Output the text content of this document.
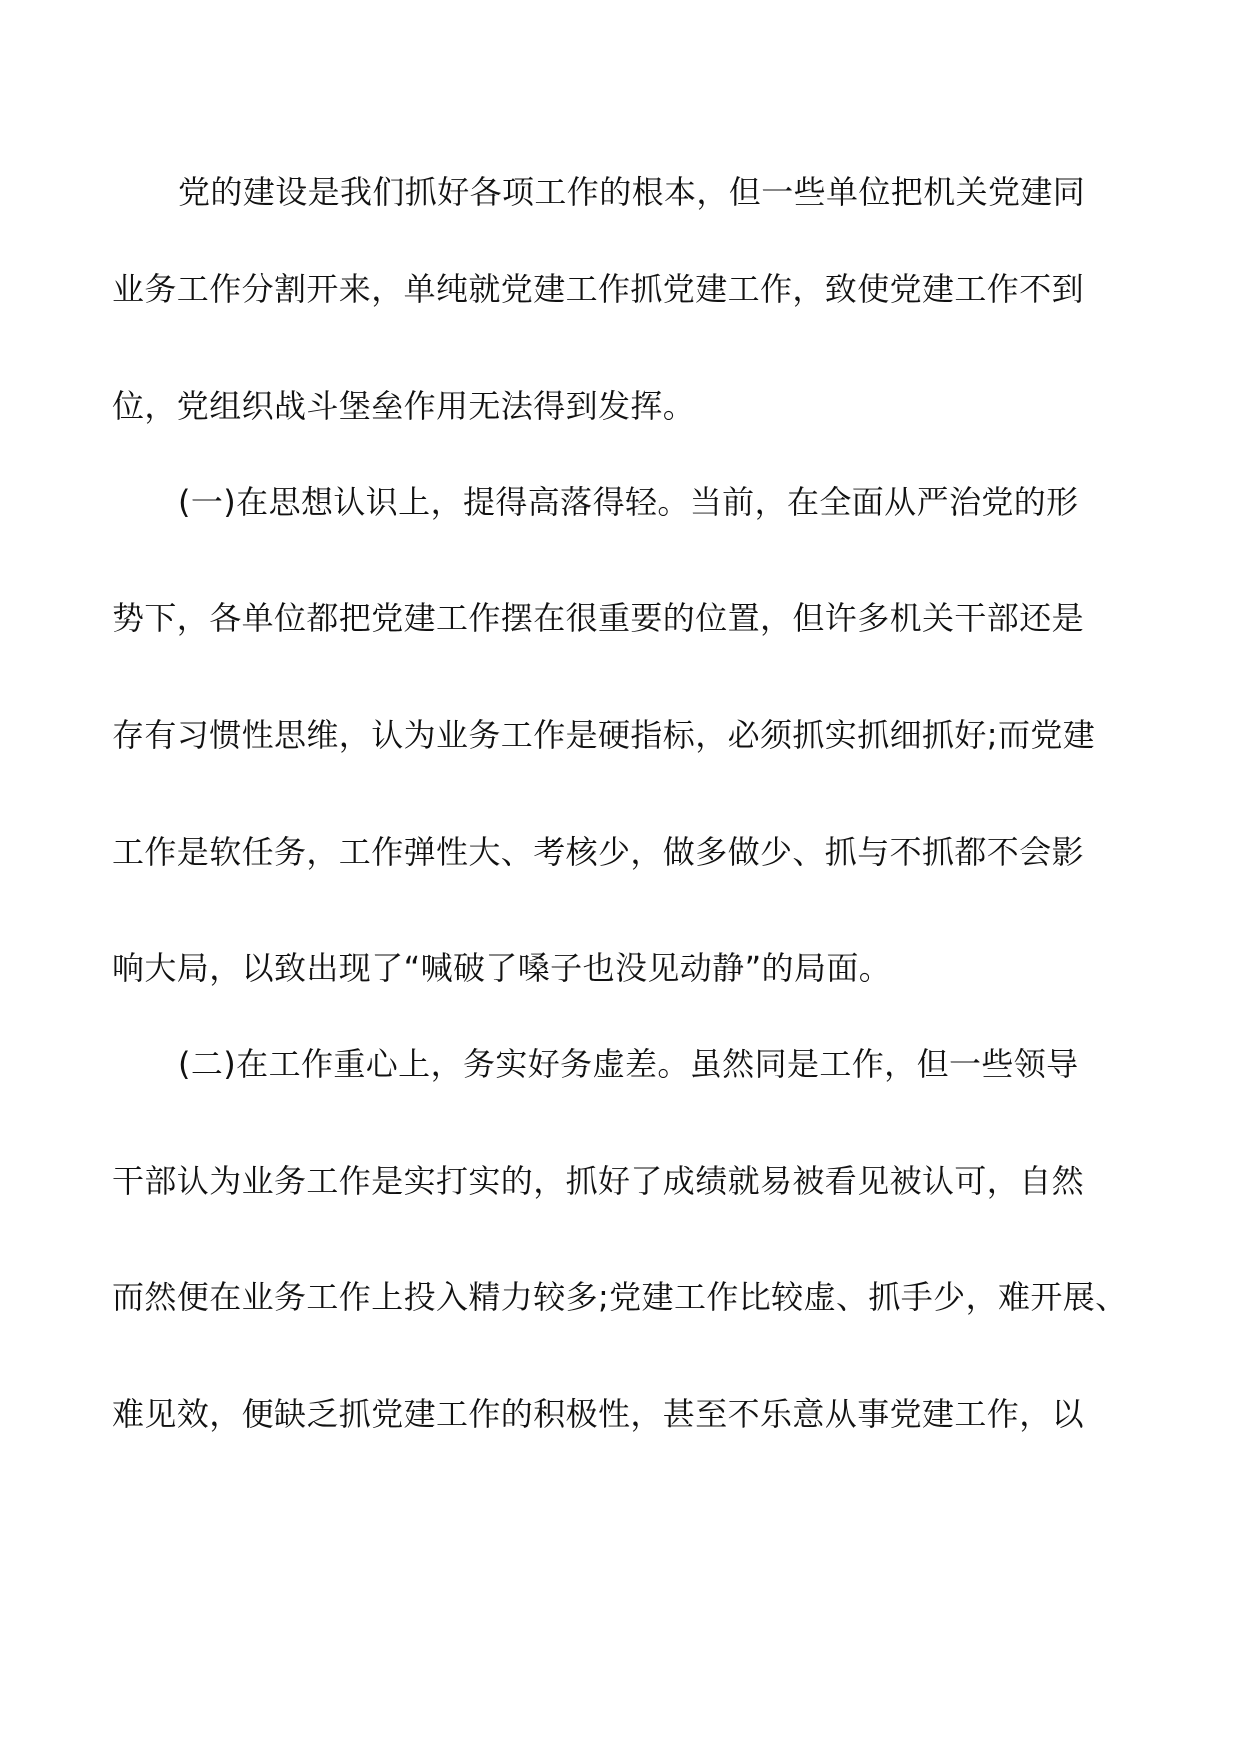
党的建设是我们抓好各项工作的根本，但一些单位把机关党建同
业务工作分割开来，单纯就党建工作抓党建工作，致使党建工作不到
位，党组织战斗堡垒作用无法得到发挥。
(一)在思想认识上，提得高落得轻。当前，在全面从严治党的形
势下，各单位都把党建工作摆在很重要的位置，但许多机关干部还是
存有习惯性思维，认为业务工作是硬指标，必须抓实抓细抓好;而党建
工作是软任务，工作弹性大、考核少，做多做少、抓与不抓都不会影
响大局，以致出现了“喊破了嗓子也没见动静”的局面。
(二)在工作重心上，务实好务虚差。虽然同是工作，但一些领导
干部认为业务工作是实打实的，抓好了成绩就易被看见被认可，自然
而然便在业务工作上投入精力较多;党建工作比较虚、抓手少，难开展、
难见效，便缺乏抓党建工作的积极性，甚至不乐意从事党建工作，以
